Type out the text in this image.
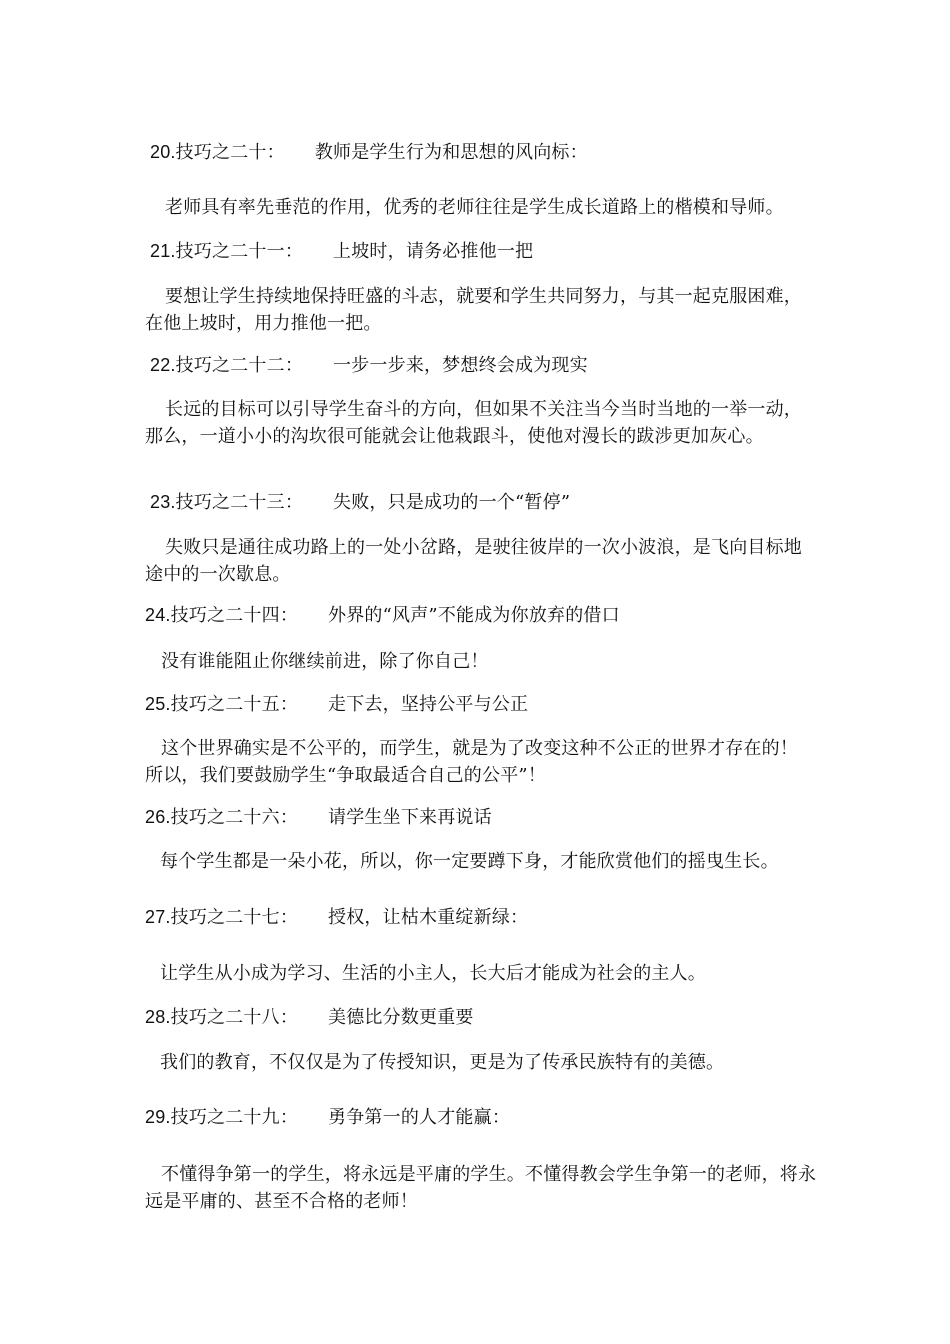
20.技巧之二十： 教师是学生行为和思想的风向标：
老师具有率先垂范的作用，优秀的老师往往是学生成长道路上的楷模和导师。
21.技巧之二十一： 上坡时，请务必推他一把
要想让学生持续地保持旺盛的斗志，就要和学生共同努力，与其一起克服困难，在他上坡时，用力推他一把。
22.技巧之二十二： 一步一步来，梦想终会成为现实
长远的目标可以引导学生奋斗的方向，但如果不关注当今当时当地的一举一动，那么，一道小小的沟坎很可能就会让他栽跟斗，使他对漫长的跋涉更加灰心。
23.技巧之二十三： 失败，只是成功的一个“暂停”
失败只是通往成功路上的一处小岔路，是驶往彼岸的一次小波浪，是飞向目标地途中的一次歇息。
24.技巧之二十四： 外界的“风声”不能成为你放弃的借口
没有谁能阻止你继续前进，除了你自己！
25.技巧之二十五： 走下去，坚持公平与公正
这个世界确实是不公平的，而学生，就是为了改变这种不公正的世界才存在的！所以，我们要鼓励学生“争取最适合自己的公平”！
26.技巧之二十六： 请学生坐下来再说话
每个学生都是一朵小花，所以，你一定要蹲下身，才能欣赏他们的摇曳生长。
27.技巧之二十七： 授权，让枯木重绽新绿：
让学生从小成为学习、生活的小主人，长大后才能成为社会的主人。
28.技巧之二十八： 美德比分数更重要
我们的教育，不仅仅是为了传授知识，更是为了传承民族特有的美德。
29.技巧之二十九： 勇争第一的人才能赢：
不懂得争第一的学生，将永远是平庸的学生。不懂得教会学生争第一的老师，将永远是平庸的、甚至不合格的老师！
